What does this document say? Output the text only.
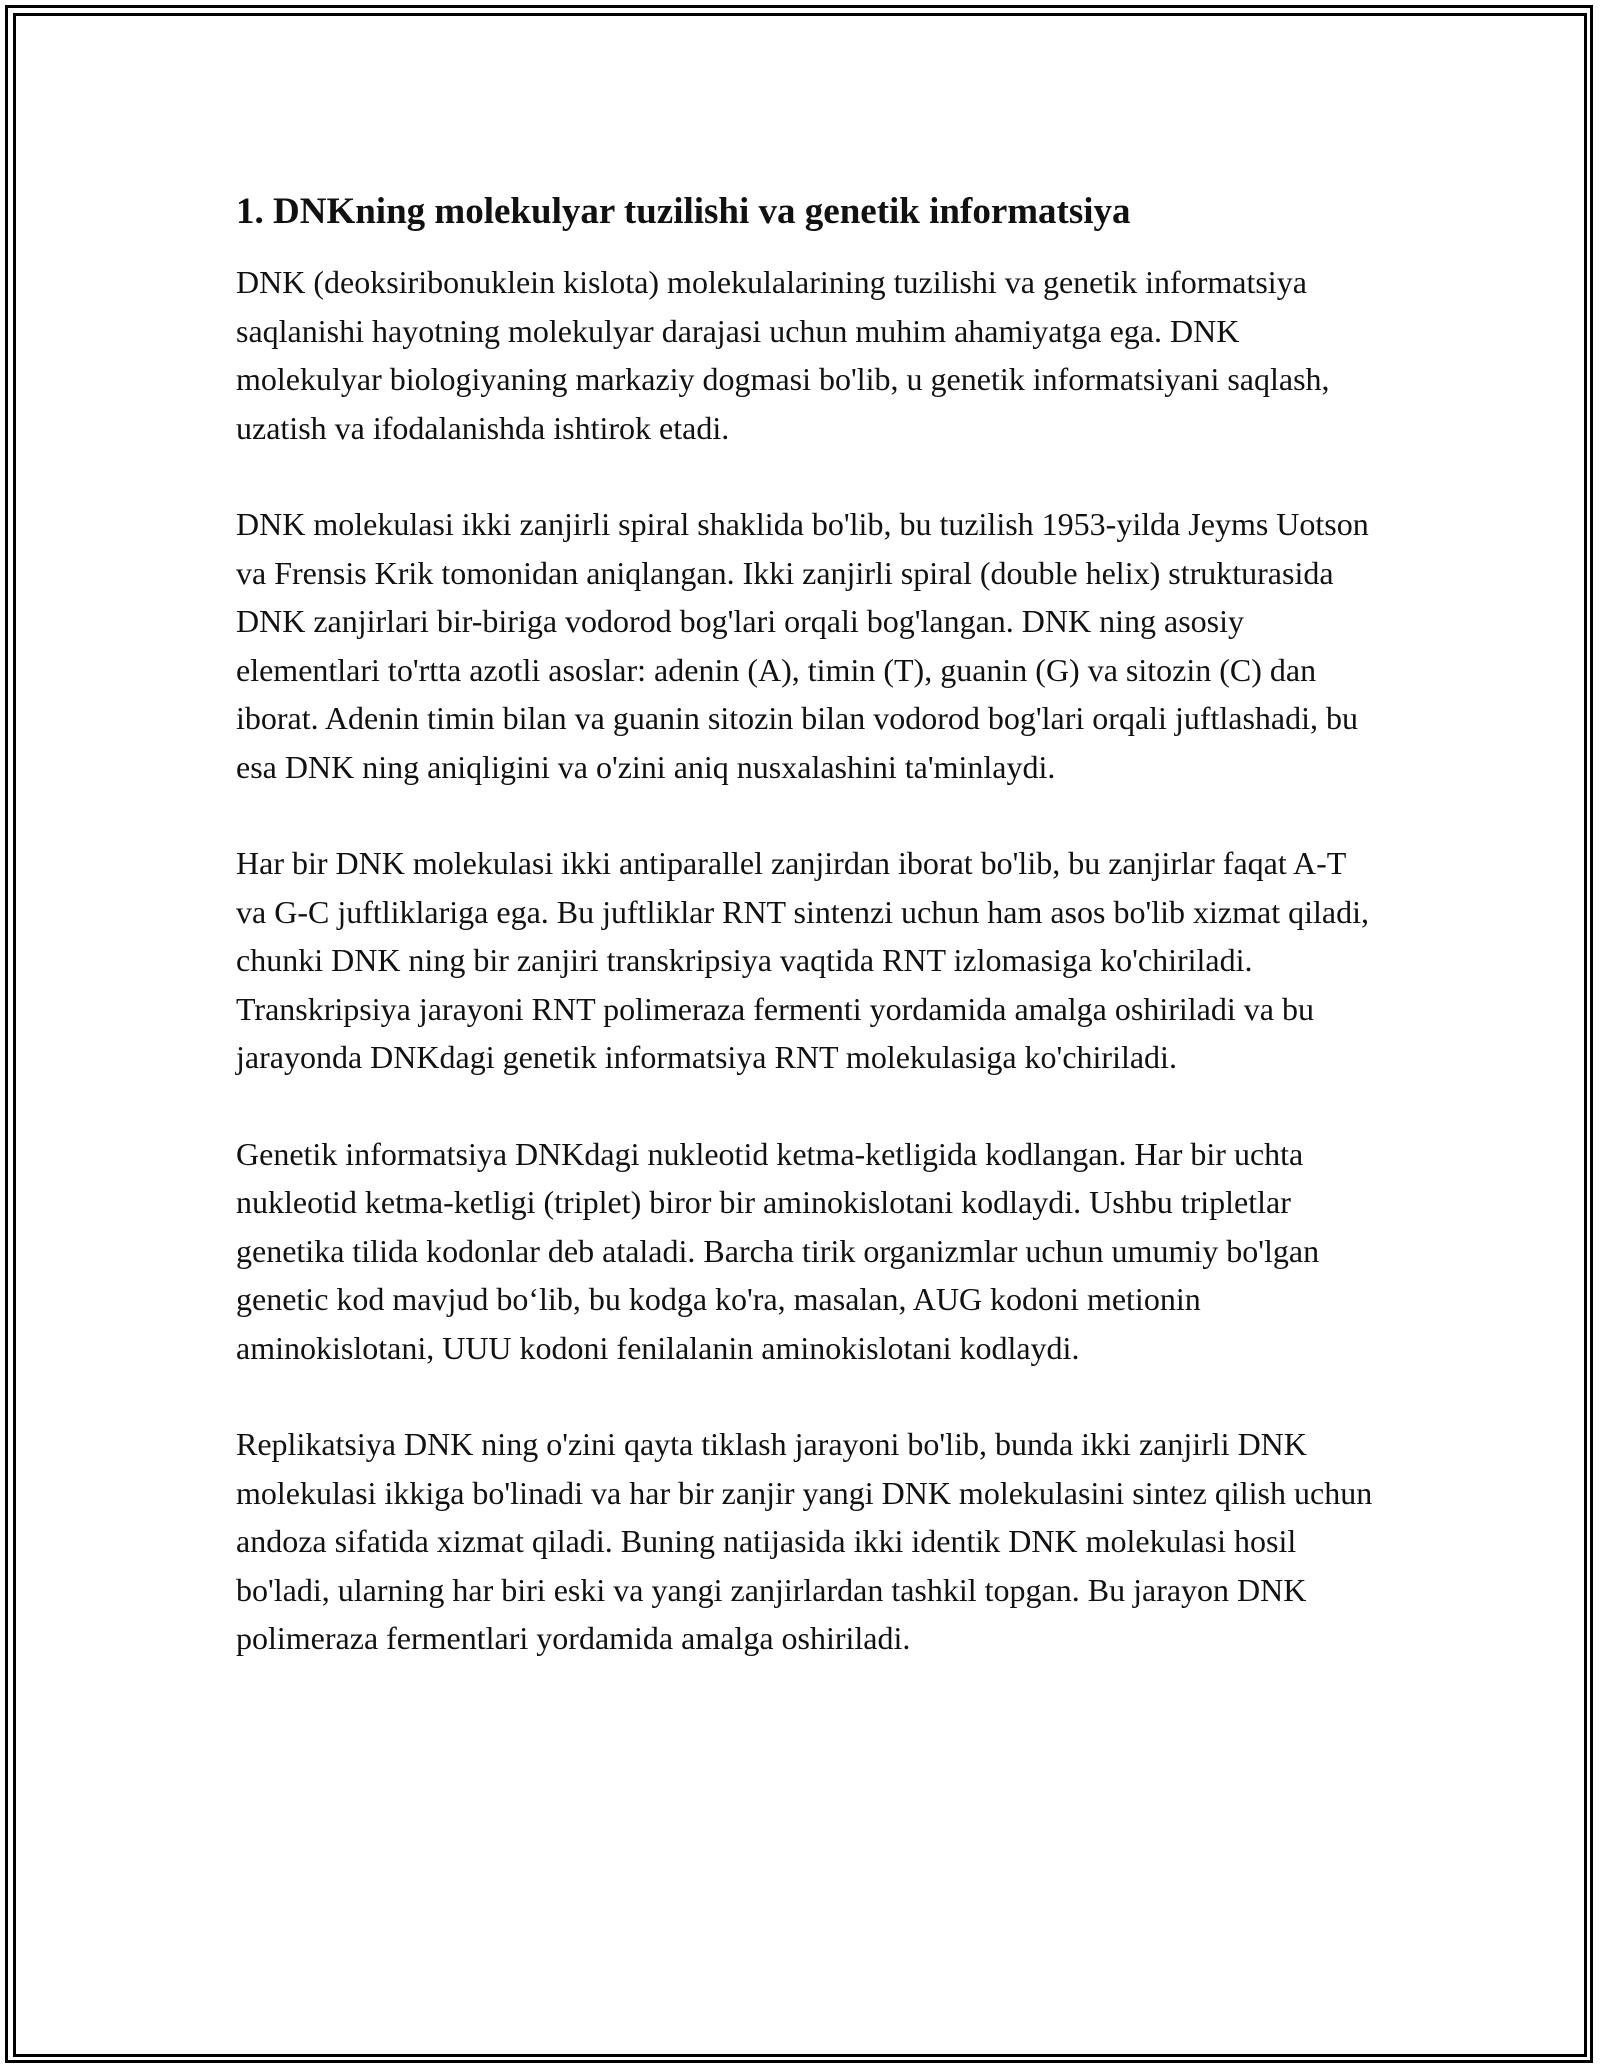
1. DNKning molekulyar tuzilishi va genetik informatsiya

DNK (deoksiribonuklein kislota) molekulalarining tuzilishi va genetik informatsiya saqlanishi hayotning molekulyar darajasi uchun muhim ahamiyatga ega. DNK molekulyar biologiyaning markaziy dogmasi bo'lib, u genetik informatsiyani saqlash, uzatish va ifodalanishda ishtirok etadi.

DNK molekulasi ikki zanjirli spiral shaklida bo'lib, bu tuzilish 1953-yilda Jeyms Uotson va Frensis Krik tomonidan aniqlangan. Ikki zanjirli spiral (double helix) strukturasida DNK zanjirlari bir-biriga vodorod bog'lari orqali bog'langan. DNK ning asosiy elementlari to'rtta azotli asoslar: adenin (A), timin (T), guanin (G) va sitozin (C) dan iborat. Adenin timin bilan va guanin sitozin bilan vodorod bog'lari orqali juftlashadi, bu esa DNK ning aniqligini va o'zini aniq nusxalashini ta'minlaydi.

Har bir DNK molekulasi ikki antiparallel zanjirdan iborat bo'lib, bu zanjirlar faqat A-T va G-C juftliklariga ega. Bu juftliklar RNT sintenzi uchun ham asos bo'lib xizmat qiladi, chunki DNK ning bir zanjiri transkripsiya vaqtida RNT izlomasiga ko'chiriladi. Transkripsiya jarayoni RNT polimeraza fermenti yordamida amalga oshiriladi va bu jarayonda DNKdagi genetik informatsiya RNT molekulasiga ko'chiriladi.

Genetik informatsiya DNKdagi nukleotid ketma-ketligida kodlangan. Har bir uchta nukleotid ketma-ketligi (triplet) biror bir aminokislotani kodlaydi. Ushbu tripletlar genetika tilida kodonlar deb ataladi. Barcha tirik organizmlar uchun umumiy bo'lgan genetic kod mavjud bo‘lib, bu kodga ko'ra, masalan, AUG kodoni metionin aminokislotani, UUU kodoni fenilalanin aminokislotani kodlaydi.

Replikatsiya DNK ning o'zini qayta tiklash jarayoni bo'lib, bunda ikki zanjirli DNK molekulasi ikkiga bo'linadi va har bir zanjir yangi DNK molekulasini sintez qilish uchun andoza sifatida xizmat qiladi. Buning natijasida ikki identik DNK molekulasi hosil bo'ladi, ularning har biri eski va yangi zanjirlardan tashkil topgan. Bu jarayon DNK polimeraza fermentlari yordamida amalga oshiriladi.
